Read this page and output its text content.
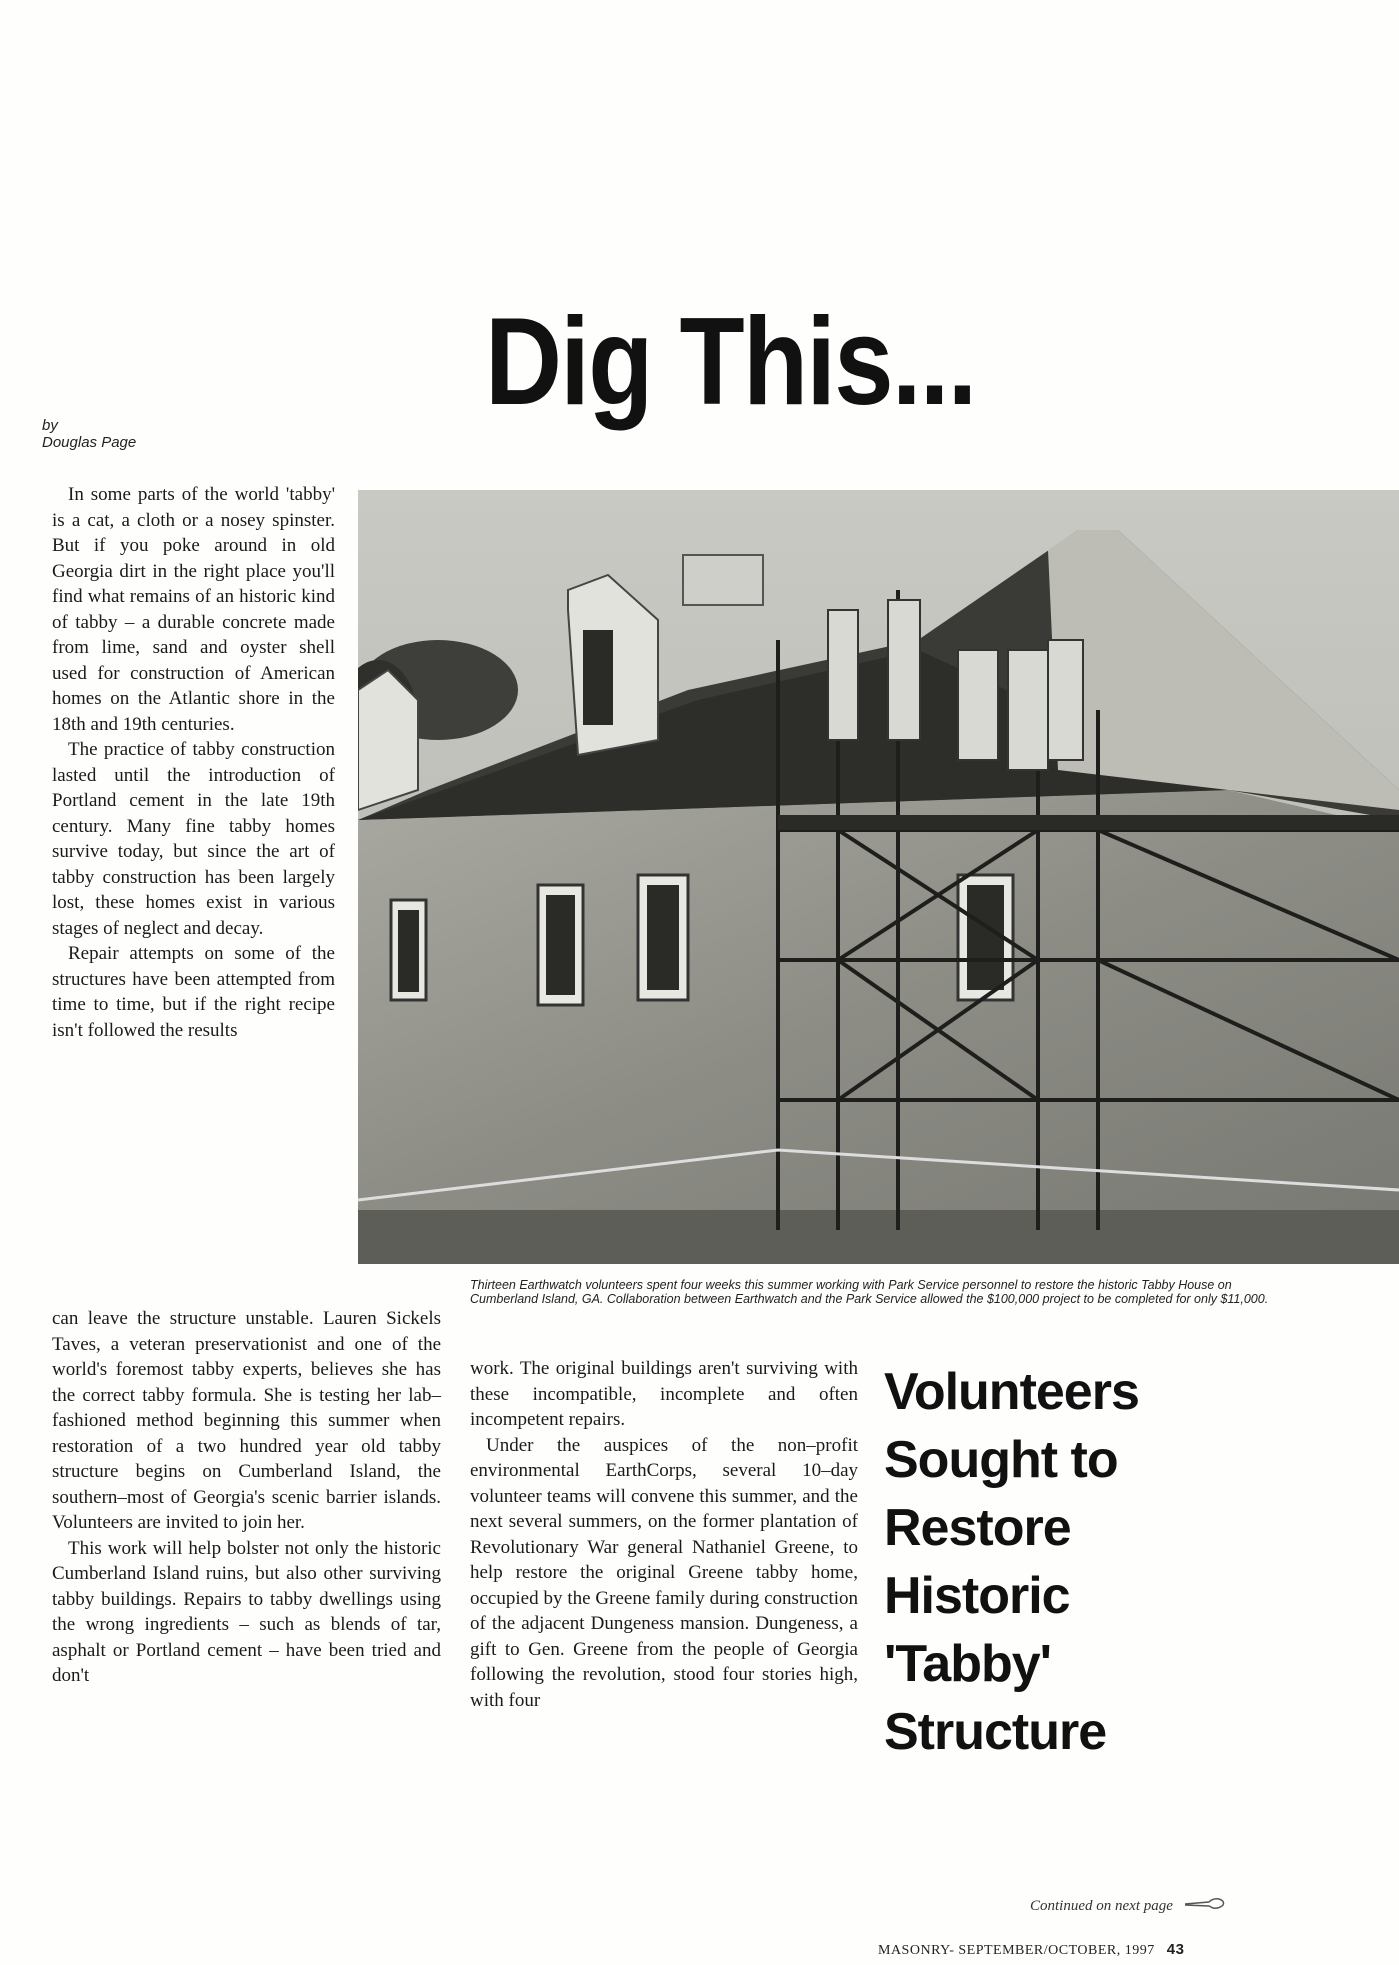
Dig This...
by
Douglas Page

In some parts of the world 'tabby' is a cat, a cloth or a nosey spinster. But if you poke around in old Georgia dirt in the right place you'll find what remains of an historic kind of tabby – a durable concrete made from lime, sand and oyster shell used for construction of American homes on the Atlantic shore in the 18th and 19th centuries.

The practice of tabby construction lasted until the introduction of Portland cement in the late 19th century. Many fine tabby homes survive today, but since the art of tabby construction has been largely lost, these homes exist in various stages of neglect and decay.

Repair attempts on some of the structures have been attempted from time to time, but if the right recipe isn't followed the results

Thirteen Earthwatch volunteers spent four weeks this summer working with Park Service personnel to restore the historic Tabby House on Cumberland Island, GA. Collaboration between Earthwatch and the Park Service allowed the $100,000 project to be completed for only $11,000.

can leave the structure unstable. Lauren Sickels Taves, a veteran preservationist and one of the world's foremost tabby experts, believes she has the correct tabby formula. She is testing her lab–fashioned method beginning this summer when restoration of a two hundred year old tabby structure begins on Cumberland Island, the southern–most of Georgia's scenic barrier islands. Volunteers are invited to join her.

This work will help bolster not only the historic Cumberland Island ruins, but also other surviving tabby buildings. Repairs to tabby dwellings using the wrong ingredients – such as blends of tar, asphalt or Portland cement – have been tried and don't

work. The original buildings aren't surviving with these incompatible, incomplete and often incompetent repairs.

Under the auspices of the non–profit environmental EarthCorps, several 10–day volunteer teams will convene this summer, and the next several summers, on the former plantation of Revolutionary War general Nathaniel Greene, to help restore the original Greene tabby home, occupied by the Greene family during construction of the adjacent Dungeness mansion. Dungeness, a gift to Gen. Greene from the people of Georgia following the revolution, stood four stories high, with four

Volunteers
Sought to
Restore
Historic
'Tabby'
Structure
Continued on next page
MASONRY- SEPTEMBER/OCTOBER, 1997 43
